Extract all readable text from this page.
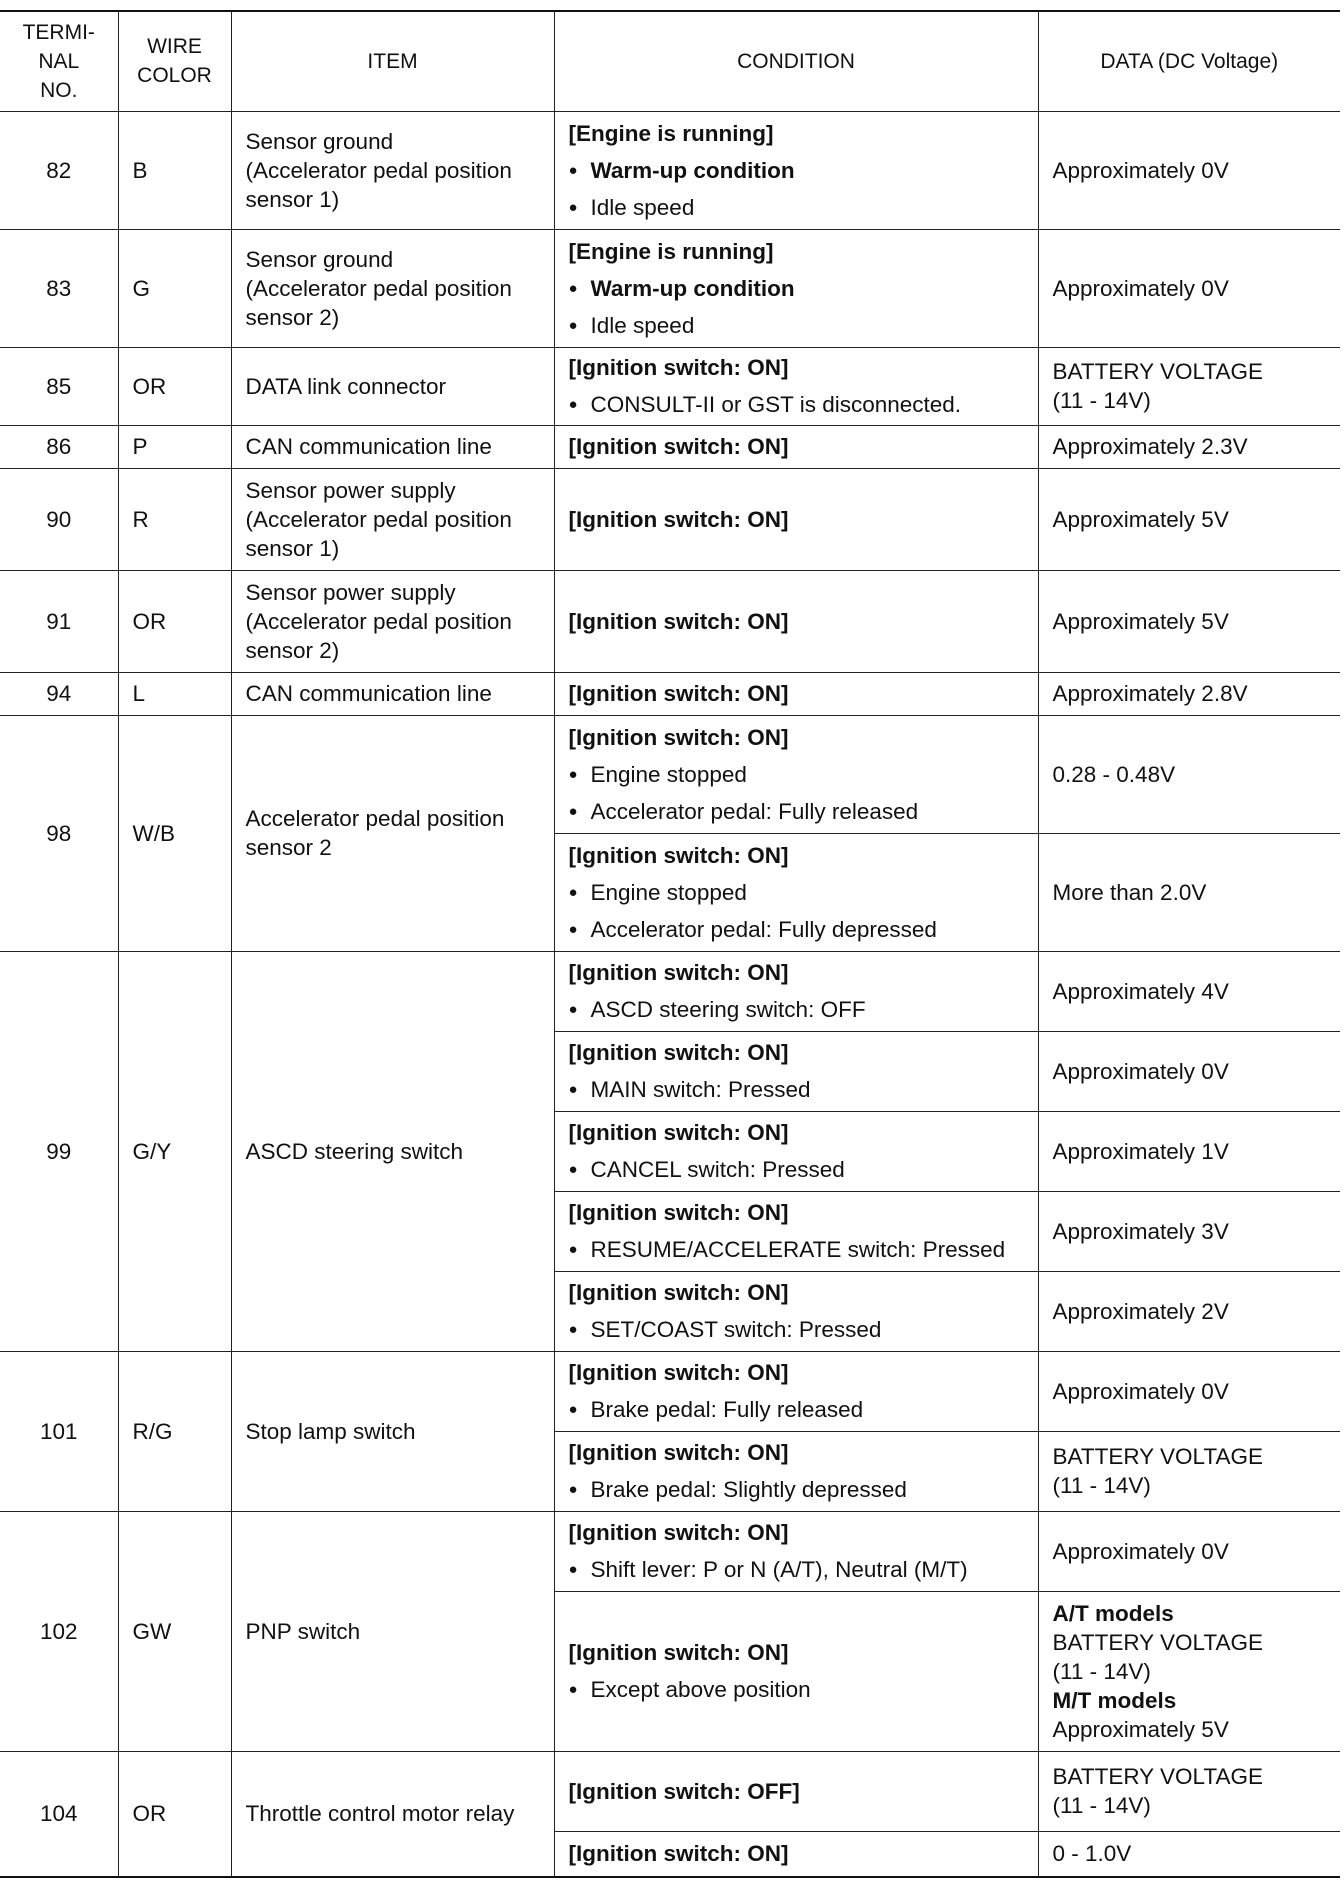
TERMI-
NAL
NO.	WIRE
COLOR	ITEM	CONDITION	DATA (DC Voltage)
82	B	Sensor ground
(Accelerator pedal position
sensor 1)	[Engine is running]
● Warm-up condition
● Idle speed	Approximately 0V

83	G	Sensor ground
(Accelerator pedal position
sensor 2)	[Engine is running]
● Warm-up condition
● Idle speed	Approximately 0V

85	OR	DATA link connector	[Ignition switch: ON]
● CONSULT-II or GST is disconnected.	BATTERY VOLTAGE
(11 - 14V)

86	P	CAN communication line	[Ignition switch: ON]	Approximately 2.3V

90	R	Sensor power supply
(Accelerator pedal position
sensor 1)	[Ignition switch: ON]	Approximately 5V

91	OR	Sensor power supply
(Accelerator pedal position
sensor 2)	[Ignition switch: ON]	Approximately 5V

94	L	CAN communication line	[Ignition switch: ON]	Approximately 2.8V

98	W/B	Accelerator pedal position
sensor 2	[Ignition switch: ON]
● Engine stopped
● Accelerator pedal: Fully released	0.28 - 0.48V

			[Ignition switch: ON]
● Engine stopped
● Accelerator pedal: Fully depressed	More than 2.0V

99	G/Y	ASCD steering switch	[Ignition switch: ON]
● ASCD steering switch: OFF	Approximately 4V

			[Ignition switch: ON]
● MAIN switch: Pressed	Approximately 0V

			[Ignition switch: ON]
● CANCEL switch: Pressed	Approximately 1V

			[Ignition switch: ON]
● RESUME/ACCELERATE switch: Pressed	Approximately 3V

			[Ignition switch: ON]
● SET/COAST switch: Pressed	Approximately 2V

101	R/G	Stop lamp switch	[Ignition switch: ON]
● Brake pedal: Fully released	Approximately 0V

			[Ignition switch: ON]
● Brake pedal: Slightly depressed	BATTERY VOLTAGE
(11 - 14V)

102	GW	PNP switch	[Ignition switch: ON]
● Shift lever: P or N (A/T), Neutral (M/T)	Approximately 0V

			[Ignition switch: ON]
● Except above position	A/T models
BATTERY VOLTAGE
(11 - 14V)
M/T models
Approximately 5V

104	OR	Throttle control motor relay	[Ignition switch: OFF]	BATTERY VOLTAGE
(11 - 14V)

			[Ignition switch: ON]	0 - 1.0V
